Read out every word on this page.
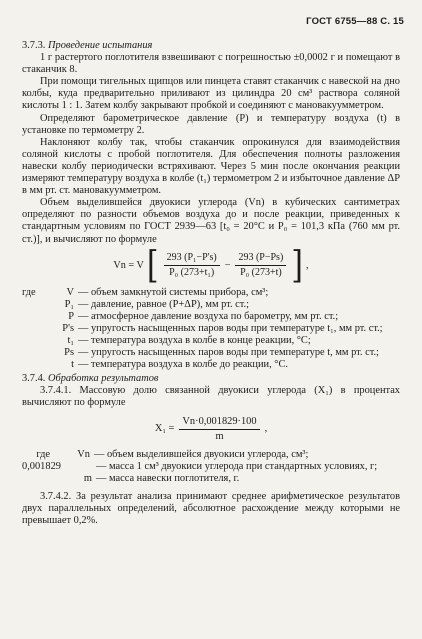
ГОСТ 6755—88 С. 15
3.7.3. Проведение испытания

1 г растертого поглотителя взвешивают с погрешностью ±0,0002 г и помещают в стаканчик 8.

При помощи тигельных щипцов или пинцета ставят стаканчик с навеской на дно колбы, куда предварительно приливают из цилиндра 20 см³ раствора соляной кислоты 1 : 1. Затем колбу закрывают пробкой и соединяют с мановакуумметром.

Определяют барометрическое давление (P) и температуру воздуха (t) в установке по термометру 2.

Наклоняют колбу так, чтобы стаканчик опрокинулся для взаимодействия соляной кислоты с пробой поглотителя. Для обеспечения полноты разложения навески колбу периодически встряхивают. Через 5 мин после окончания реакции измеряют температуру воздуха в колбе (t₁) термометром 2 и избыточное давление ΔP в мм рт. ст. мановакуумметром.

Объем выделившейся двуокиси углерода (Vn) в кубических сантиметрах определяют по разности объемов воздуха до и после реакции, приведенных к стандартным условиям по ГОСТ 2939—63 [t₀ = 20°С и P₀ = 101,3 кПа (760 мм рт. ст.)], и вычисляют по формуле

Vn = V [ $\frac{\text{293 (P₁−P's)}}{\text{P₀ (273+t₁)}} - \frac{293 (P-Ps)}{\text{P₀ (273+t)}}$ ] ,
где	V — объем замкнутой системы прибора, см³;
P₁ — давление, равное (P+ΔP), мм рт. ст.;
P — атмосферное давление воздуха по барометру, мм рт. ст.;
P's — упругость насыщенных паров воды при температуре t₁, мм рт. ст.;
t₁ — температура воздуха в колбе в конце реакции, °С;
Ps — упругость насыщенных паров воды при температуре t, мм рт. ст.;
t — температура воздуха в колбе до реакции, °С.
3.7.4. Обработка результатов

3.7.4.1. Массовую долю связанной двуокиси углерода (X₁) в процентах вычисляют по формуле

$X_1 = \frac{Vn\cdot 0,001829\cdot 100}{m}$ ,
где	Vn — объем выделившейся двуокиси углерода, см³;
0,001829	— масса 1 см³ двуокиси углерода при стандартных условиях, г;
m — масса навески поглотителя, г.

3.7.4.2. За результат анализа принимают среднее арифметическое результатов двух параллельных определений, абсолютное расхождение между которыми не превышает 0,2%.
